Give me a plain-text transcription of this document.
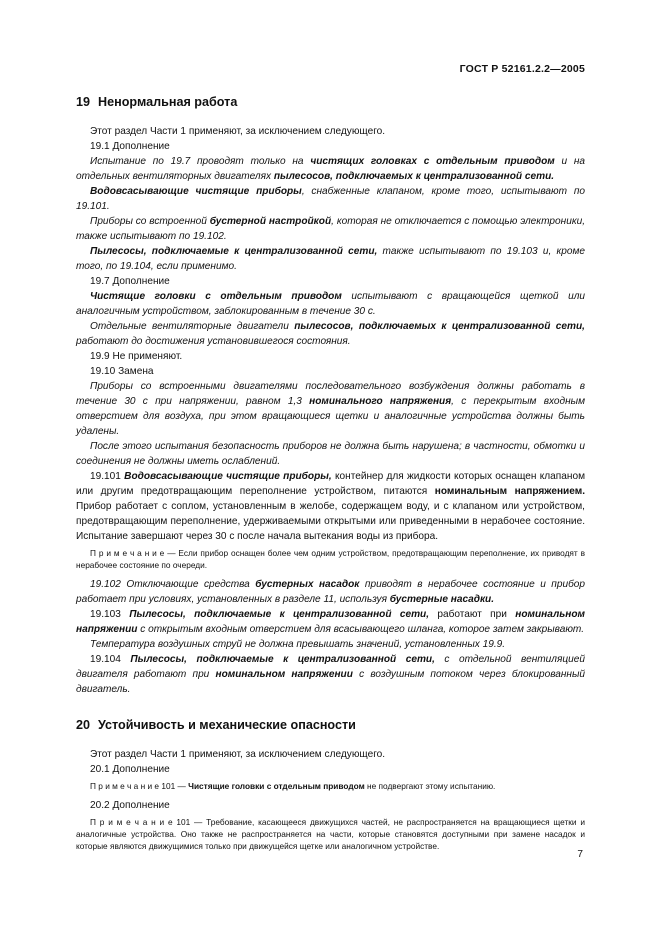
ГОСТ Р 52161.2.2—2005
19 Ненормальная работа

Этот раздел Части 1 применяют, за исключением следующего.

19.1 Дополнение

Испытание по 19.7 проводят только на чистящих головках с отдельным приводом и на отдельных вентиляторных двигателях пылесосов, подключаемых к централизованной сети.

Водовсасывающие чистящие приборы, снабженные клапаном, кроме того, испытывают по 19.101.

Приборы со встроенной бустерной настройкой, которая не отключается с помощью электроники, также испытывают по 19.102.

Пылесосы, подключаемые к централизованной сети, также испытывают по 19.103 и, кроме того, по 19.104, если применимо.

19.7 Дополнение

Чистящие головки с отдельным приводом испытывают с вращающейся щеткой или аналогичным устройством, заблокированным в течение 30 с.

Отдельные вентиляторные двигатели пылесосов, подключаемых к централизованной сети, работают до достижения установившегося состояния.

19.9 Не применяют.

19.10 Замена

Приборы со встроенными двигателями последовательного возбуждения должны работать в течение 30 с при напряжении, равном 1,3 номинального напряжения, с перекрытым входным отверстием для воздуха, при этом вращающиеся щетки и аналогичные устройства должны быть удалены.

После этого испытания безопасность приборов не должна быть нарушена; в частности, обмотки и соединения не должны иметь ослаблений.

19.101 Водовсасывающие чистящие приборы, контейнер для жидкости которых оснащен клапаном или другим предотвращающим переполнение устройством, питаются номинальным напряжением. Прибор работает с соплом, установленным в желобе, содержащем воду, и с клапаном или устройством, предотвращающим переполнение, удерживаемыми открытыми или приведенными в нерабочее состояние. Испытание завершают через 30 с после начала вытекания воды из прибора.

П р и м е ч а н и е — Если прибор оснащен более чем одним устройством, предотвращающим переполнение, их приводят в нерабочее состояние по очереди.

19.102 Отключающие средства бустерных насадок приводят в нерабочее состояние и прибор работает при условиях, установленных в разделе 11, используя бустерные насадки.

19.103 Пылесосы, подключаемые к централизованной сети, работают при номинальном напряжении с открытым входным отверстием для всасывающего шланга, которое затем закрывают.

Температура воздушных струй не должна превышать значений, установленных 19.9.

19.104 Пылесосы, подключаемые к централизованной сети, с отдельной вентиляцией двигателя работают при номинальном напряжении с воздушным потоком через блокированный двигатель.

20 Устойчивость и механические опасности

Этот раздел Части 1 применяют, за исключением следующего.

20.1 Дополнение

П р и м е ч а н и е 101 — Чистящие головки с отдельным приводом не подвергают этому испытанию.

20.2 Дополнение

П р и м е ч а н и е 101 — Требование, касающееся движущихся частей, не распространяется на вращающиеся щетки и аналогичные устройства. Оно также не распространяется на части, которые становятся доступными при замене насадок и которые являются движущимися только при движущейся щетке или аналогичном устройстве.

7
